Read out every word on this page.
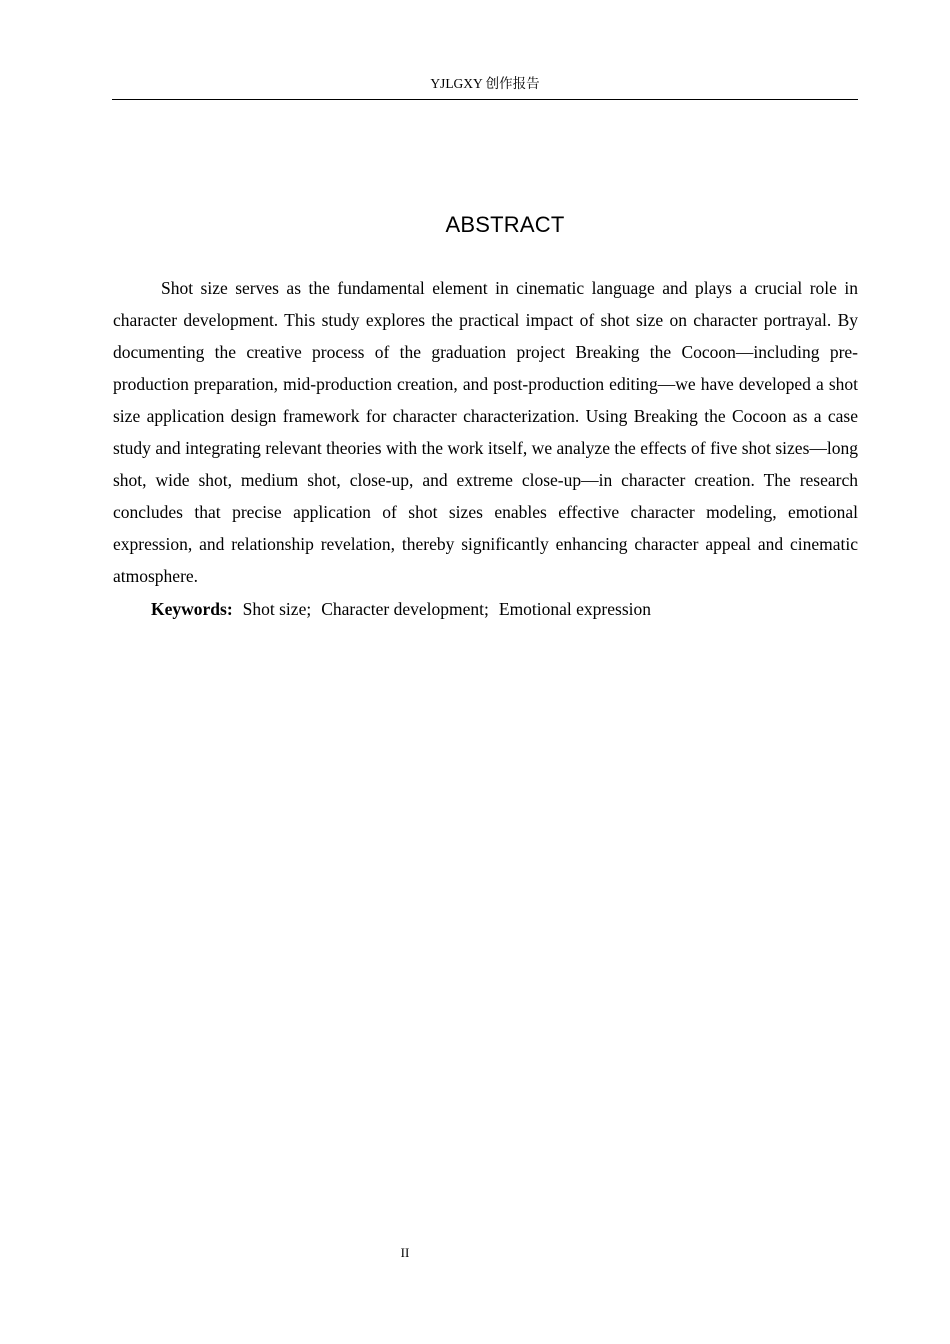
YJLGXY 创作报告
ABSTRACT

Shot size serves as the fundamental element in cinematic language and plays a crucial role in character development. This study explores the practical impact of shot size on character portrayal. By documenting the creative process of the graduation project Breaking the Cocoon—including pre-production preparation, mid-production creation, and post-production editing—we have developed a shot size application design framework for character characterization. Using Breaking the Cocoon as a case study and integrating relevant theories with the work itself, we analyze the effects of five shot sizes—long shot, wide shot, medium shot, close-up, and extreme close-up—in character creation. The research concludes that precise application of shot sizes enables effective character modeling, emotional expression, and relationship revelation, thereby significantly enhancing character appeal and cinematic atmosphere.

Keywords: Shot size; Character development; Emotional expression

II
